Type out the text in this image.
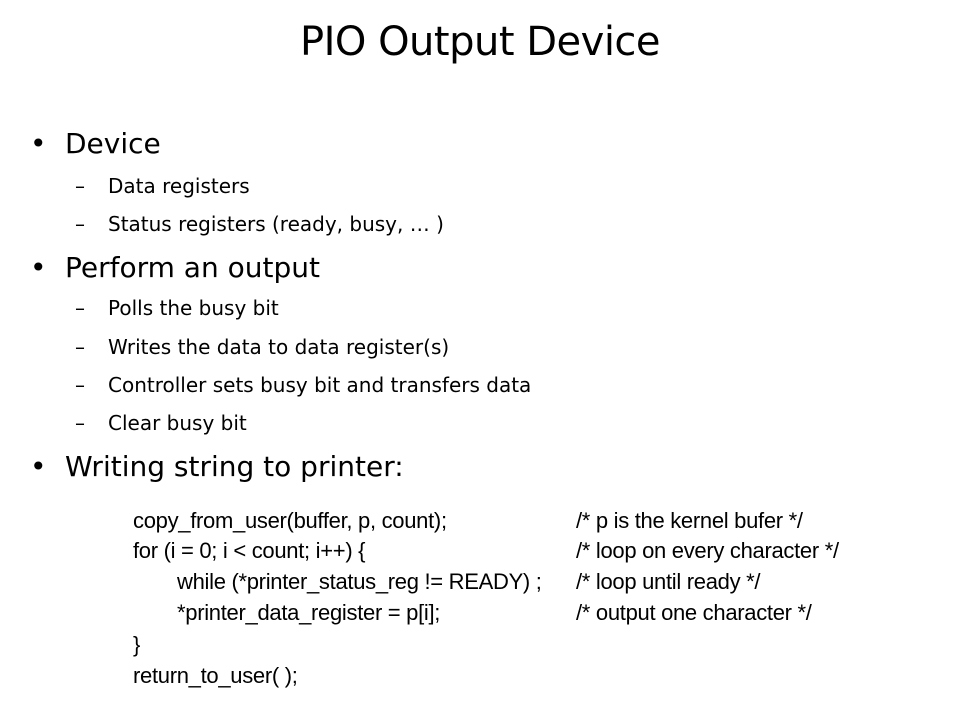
PIO Output Device
• Device
–	Data registers
–	Status registers (ready, busy, … )
• Perform an output
–	Polls the busy bit
–	Writes the data to data register(s)
–	Controller sets busy bit and transfers data
–	Clear busy bit
• Writing string to printer:
copy_from_user(buffer, p, count);	/* p is the kernel bufer */
for (i = 0; i < count; i++) {	/* loop on every character */
while (*printer_status_reg != READY) ; /* loop until ready */
*printer_data_register = p[i];	/* output one character */
}
return_to_user( );
